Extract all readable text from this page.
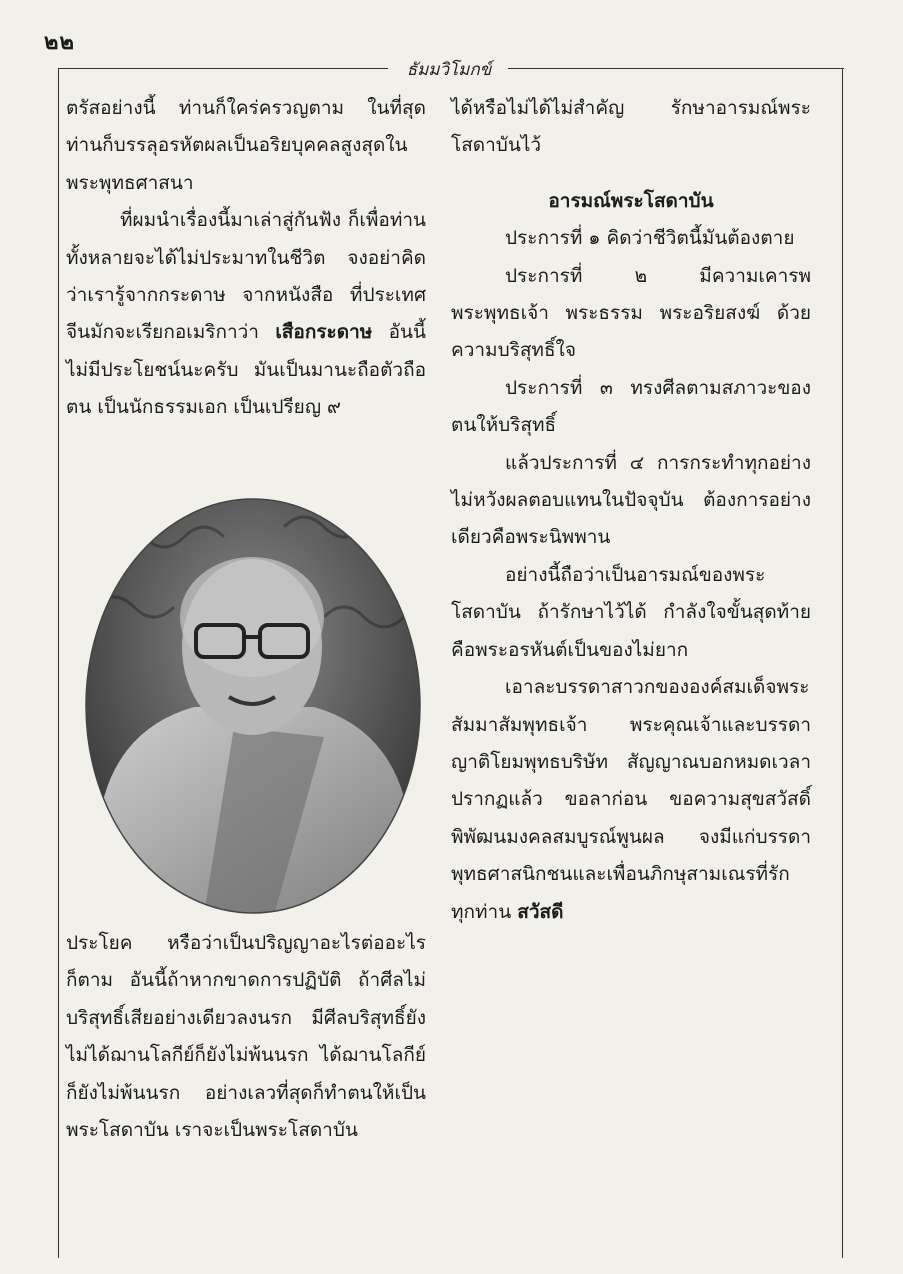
๒๒
ธัมมวิโมกข์

ตรัสอย่างนี้ ท่านก็ใคร่ครวญตาม ในที่สุดท่านก็บรรลุอรหัตผลเป็นอริยบุคคลสูงสุดในพระพุทธศาสนา

ที่ผมนำเรื่องนี้มาเล่าสู่กันฟัง ก็เพื่อท่านทั้งหลายจะได้ไม่ประมาทในชีวิต จงอย่าคิดว่าเรารู้จากกระดาษ จากหนังสือ ที่ประเทศจีนมักจะเรียกอเมริกาว่า เสือกระดาษ อันนี้ไม่มีประโยชน์นะครับ มันเป็นมานะถือตัวถือตน เป็นนักธรรมเอก เป็นเปรียญ ๙

ประโยค หรือว่าเป็นปริญญาอะไรต่ออะไรก็ตาม อันนี้ถ้าหากขาดการปฏิบัติ ถ้าศีลไม่บริสุทธิ์เสียอย่างเดียวลงนรก มีศีลบริสุทธิ์ยังไม่ได้ฌานโลกีย์ก็ยังไม่พ้นนรก ได้ฌานโลกีย์ก็ยังไม่พ้นนรก อย่างเลวที่สุดก็ทำตนให้เป็นพระโสดาบัน เราจะเป็นพระโสดาบัน

ได้หรือไม่ได้ไม่สำคัญ รักษาอารมณ์พระโสดาบันไว้

อารมณ์พระโสดาบัน

ประการที่ ๑ คิดว่าชีวิตนี้มันต้องตาย

ประการที่ ๒ มีความเคารพพระพุทธเจ้า พระธรรม พระอริยสงฆ์ ด้วยความบริสุทธิ์ใจ

ประการที่ ๓ ทรงศีลตามสภาวะของตนให้บริสุทธิ์

แล้วประการที่ ๔ การกระทำทุกอย่างไม่หวังผลตอบแทนในปัจจุบัน ต้องการอย่างเดียวคือพระนิพพาน

อย่างนี้ถือว่าเป็นอารมณ์ของพระโสดาบัน ถ้ารักษาไว้ได้ กำลังใจขั้นสุดท้ายคือพระอรหันต์เป็นของไม่ยาก

เอาละบรรดาสาวกขององค์สมเด็จพระสัมมาสัมพุทธเจ้า พระคุณเจ้าและบรรดาญาติโยมพุทธบริษัท สัญญาณบอกหมดเวลาปรากฏแล้ว ขอลาก่อน ขอความสุขสวัสดิ์พิพัฒนมงคลสมบูรณ์พูนผล จงมีแก่บรรดาพุทธศาสนิกชนและเพื่อนภิกษุสามเณรที่รักทุกท่าน สวัสดี
